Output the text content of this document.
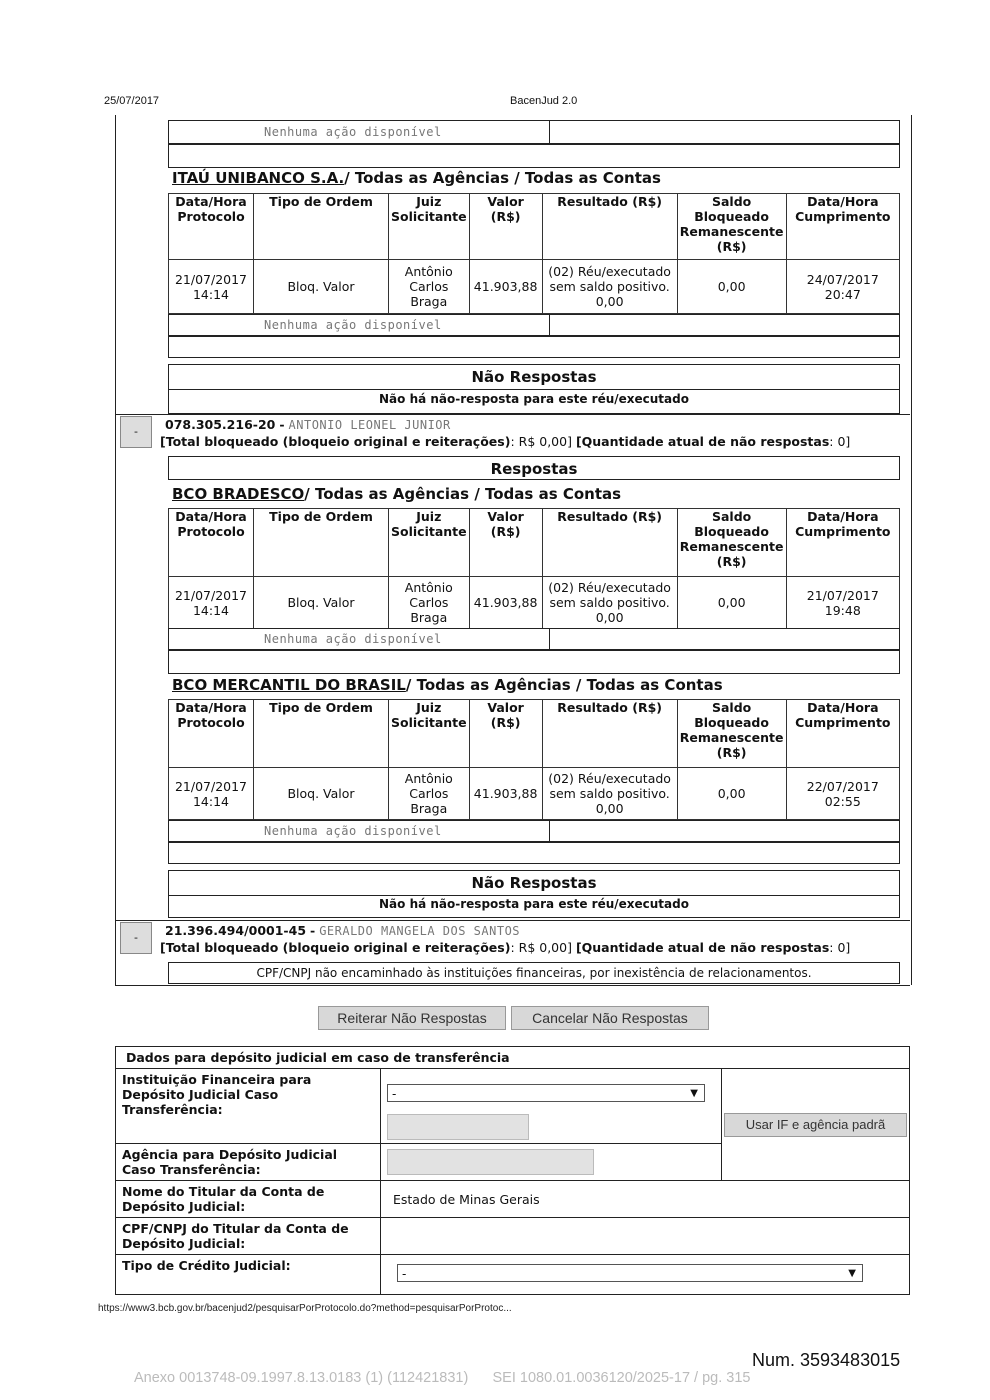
25/07/2017	BacenJud 2.0
Nenhuma ação disponível
ITAÚ UNIBANCO S.A./ Todas as Agências / Todas as Contas
Data/Hora Protocolo	Tipo de Ordem	Juiz Solicitante	Valor (R$)	Resultado (R$)	Saldo Bloqueado Remanescente (R$)	Data/Hora Cumprimento
21/07/2017 14:14	Bloq. Valor	Antônio Carlos Braga	41.903,88	(02) Réu/executado sem saldo positivo. 0,00	0,00	24/07/2017 20:47
Nenhuma ação disponível
Não Respostas
Não há não-resposta para este réu/executado
-	078.305.216-20 - ANTONIO LEONEL JUNIOR
[Total bloqueado (bloqueio original e reiterações): R$ 0,00] [Quantidade atual de não respostas: 0]
Respostas
BCO BRADESCO/ Todas as Agências / Todas as Contas
Data/Hora Protocolo	Tipo de Ordem	Juiz Solicitante	Valor (R$)	Resultado (R$)	Saldo Bloqueado Remanescente (R$)	Data/Hora Cumprimento
21/07/2017 14:14	Bloq. Valor	Antônio Carlos Braga	41.903,88	(02) Réu/executado sem saldo positivo. 0,00	0,00	21/07/2017 19:48
Nenhuma ação disponível
BCO MERCANTIL DO BRASIL/ Todas as Agências / Todas as Contas
Data/Hora Protocolo	Tipo de Ordem	Juiz Solicitante	Valor (R$)	Resultado (R$)	Saldo Bloqueado Remanescente (R$)	Data/Hora Cumprimento
21/07/2017 14:14	Bloq. Valor	Antônio Carlos Braga	41.903,88	(02) Réu/executado sem saldo positivo. 0,00	0,00	22/07/2017 02:55
Nenhuma ação disponível
Não Respostas
Não há não-resposta para este réu/executado
-	21.396.494/0001-45 - GERALDO MANGELA DOS SANTOS
[Total bloqueado (bloqueio original e reiterações): R$ 0,00] [Quantidade atual de não respostas: 0]
CPF/CNPJ não encaminhado às instituições financeiras, por inexistência de relacionamentos.
Reiterar Não Respostas	Cancelar Não Respostas
Dados para depósito judicial em caso de transferência		
Instituição Financeira para Depósito Judicial Caso Transferência:	- ▼	Usar IF e agência padrã

Agência para Depósito Judicial Caso Transferência:		

Nome do Titular da Conta de Depósito Judicial:	Estado de Minas Gerais	
CPF/CNPJ do Titular da Conta de Depósito Judicial:		
Tipo de Crédito Judicial:	- ▼	
https://www3.bcb.gov.br/bacenjud2/pesquisarPorProtocolo.do?method=pesquisarPorProtoc...
Num. 3593483015
Anexo 0013748-09.1997.8.13.0183 (1) (112421831)      SEI 1080.01.0036120/2025-17 / pg. 315
